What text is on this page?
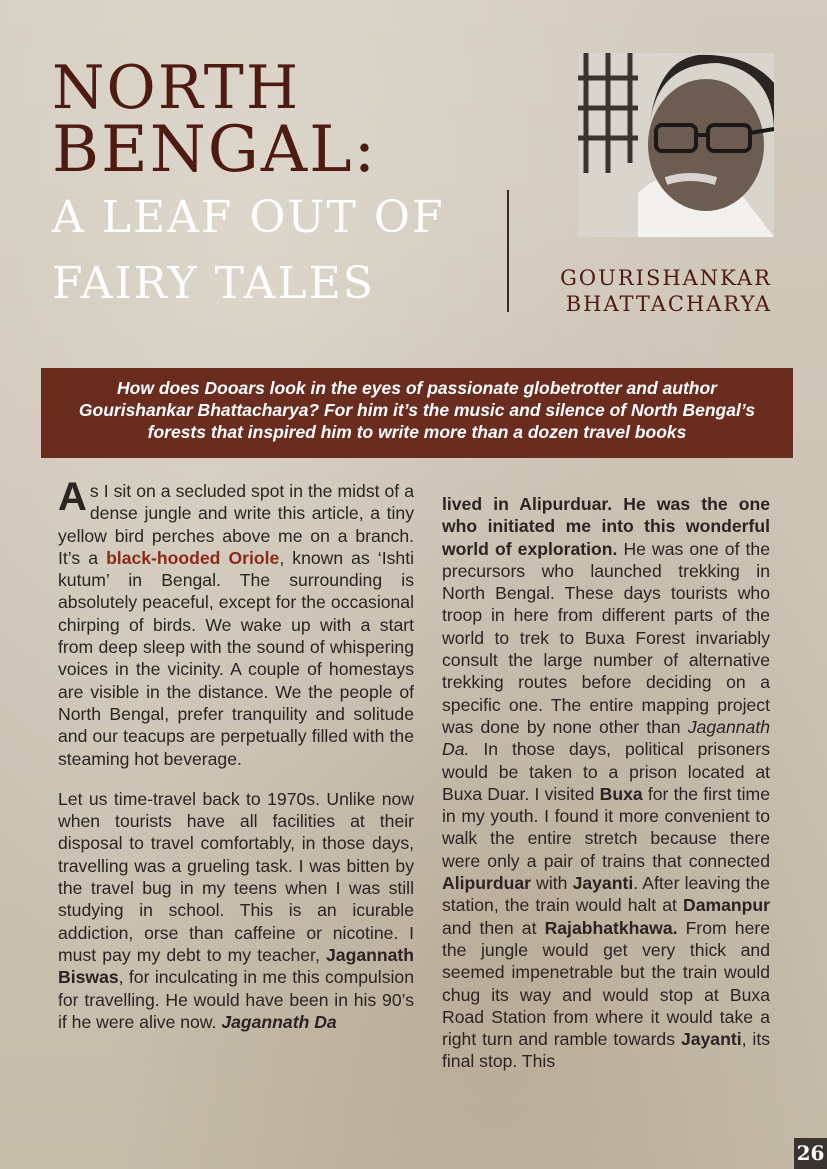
NORTH
BENGAL:
A LEAF OUT OF
FAIRY TALES	GOURISHANKAR
BHATTACHARYA
How does Dooars look in the eyes of passionate globetrotter and author Gourishankar Bhattacharya? For him it’s the music and silence of North Bengal’s forests that inspired him to write more than a dozen travel books

As I sit on a secluded spot in the midst of a dense jungle and write this article, a tiny yellow bird perches above me on a branch. It’s a black-hooded Oriole, known as ‘Ishti kutum’ in Bengal. The surrounding is absolutely peaceful, except for the occasional chirping of birds. We wake up with a start from deep sleep with the sound of whispering voices in the vicinity. A couple of homestays are visible in the distance. We the people of North Bengal, prefer tranquility and solitude and our teacups are perpetually filled with the steaming hot beverage.

Let us time-travel back to 1970s. Unlike now when tourists have all facilities at their disposal to travel comfortably, in those days, travelling was a grueling task. I was bitten by the travel bug in my teens when I was still studying in school. This is an icurable addiction, orse than caffeine or nicotine. I must pay my debt to my teacher, Jagannath Biswas, for inculcating in me this compulsion for travelling. He would have been in his 90’s if he were alive now. Jagannath Da

lived in Alipurduar. He was the one who initiated me into this wonderful world of exploration. He was one of the precursors who launched trekking in North Bengal. These days tourists who troop in here from different parts of the world to trek to Buxa Forest invariably consult the large number of alternative trekking routes before deciding on a specific one. The entire mapping project was done by none other than Jagannath Da. In those days, political prisoners would be taken to a prison located at Buxa Duar. I visited Buxa for the first time in my youth. I found it more convenient to walk the entire stretch because there were only a pair of trains that connected Alipurduar with Jayanti. After leaving the station, the train would halt at Damanpur and then at Rajabhatkhawa. From here the jungle would get very thick and seemed impenetrable but the train would chug its way and would stop at Buxa Road Station from where it would take a right turn and ramble towards Jayanti, its final stop. This

26
